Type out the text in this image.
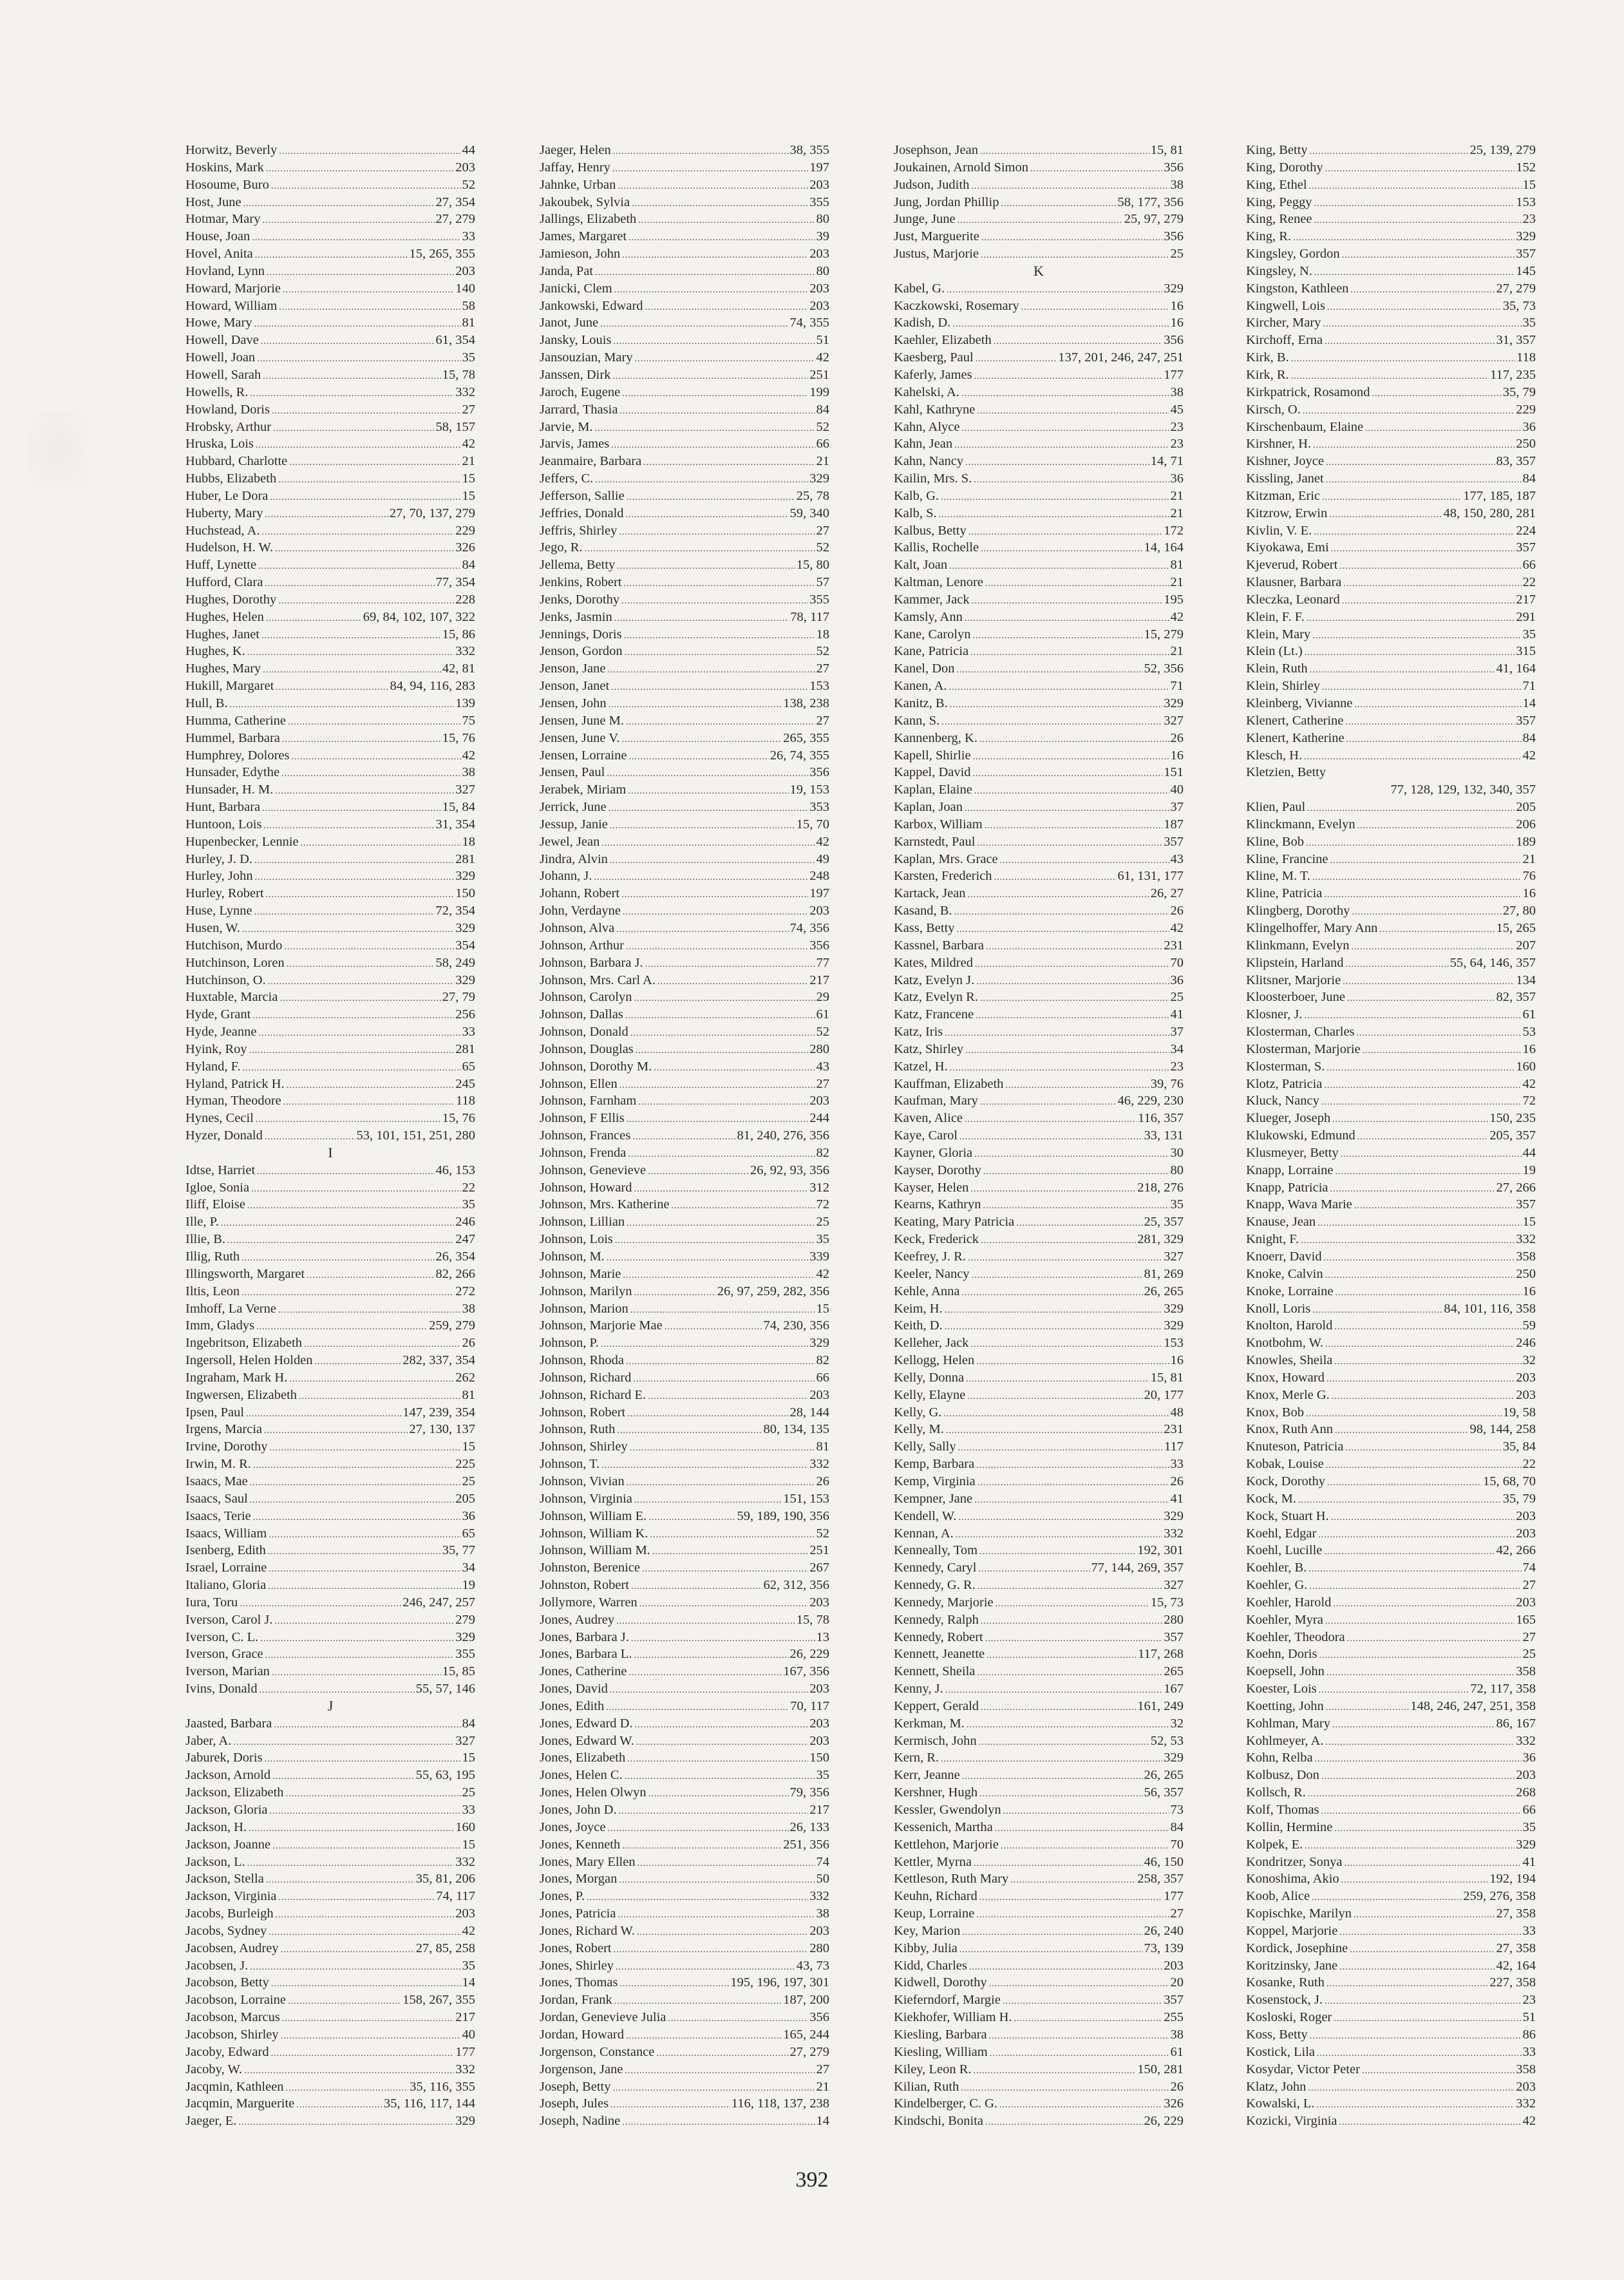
Horwitz, Beverly .....	44
Hoskins, Mark .....	203
Hosoume, Buro .....	52
Host, June .....	27, 354
Hotmar, Mary .....	27, 279
House, Joan .....	33
Hovel, Anita .....	15, 265, 355
Hovland, Lynn .....	203
Howard, Marjorie .....	140
Howard, William .....	58
Howe, Mary .....	81
Howell, Dave .....	61, 354
Howell, Joan .....	35
Howell, Sarah .....	15, 78
Howells, R. .....	332
Howland, Doris .....	27
Hrobsky, Arthur .....	58, 157
Hruska, Lois .....	42
Hubbard, Charlotte .....	21
Hubbs, Elizabeth .....	15
Huber, Le Dora .....	15
Huberty, Mary .....	27, 70, 137, 279
Huchstead, A. .....	229
Hudelson, H. W. .....	326
Huff, Lynette .....	84
Hufford, Clara .....	77, 354
Hughes, Dorothy .....	228
Hughes, Helen .....	69, 84, 102, 107, 322
Hughes, Janet .....	15, 86
Hughes, K. .....	332
Hughes, Mary .....	42, 81
Hukill, Margaret .....	84, 94, 116, 283
Hull, B. .....	139
Humma, Catherine .....	75
Hummel, Barbara .....	15, 76
Humphrey, Dolores .....	42
Hunsader, Edythe .....	38
Hunsader, H. M. .....	327
Hunt, Barbara .....	15, 84
Huntoon, Lois .....	31, 354
Hupenbecker, Lennie .....	18
Hurley, J. D. .....	281
Hurley, John .....	329
Hurley, Robert .....	150
Huse, Lynne .....	72, 354
Husen, W. .....	329
Hutchison, Murdo .....	354
Hutchinson, Loren .....	58, 249
Hutchinson, O. .....	329
Huxtable, Marcia .....	27, 79
Hyde, Grant .....	256
Hyde, Jeanne .....	33
Hyink, Roy .....	281
Hyland, F. .....	65
Hyland, Patrick H. .....	245
Hyman, Theodore .....	118
Hynes, Cecil .....	15, 76
Hyzer, Donald .....	53, 101, 151, 251, 280
I
Idtse, Harriet .....	46, 153
Igloe, Sonia .....	22
Iliff, Eloise .....	35
Ille, P. .....	246
Illie, B. .....	247
Illig, Ruth .....	26, 354
Illingsworth, Margaret .....	82, 266
Iltis, Leon .....	272
Imhoff, La Verne .....	38
Imm, Gladys .....	259, 279
Ingebritson, Elizabeth .....	26
Ingersoll, Helen Holden .....	282, 337, 354
Ingraham, Mark H. .....	262
Ingwersen, Elizabeth .....	81
Ipsen, Paul .....	147, 239, 354
Irgens, Marcia .....	27, 130, 137
Irvine, Dorothy .....	15
Irwin, M. R. .....	225
Isaacs, Mae .....	25
Isaacs, Saul .....	205
Isaacs, Terie .....	36
Isaacs, William .....	65
Isenberg, Edith .....	35, 77
Israel, Lorraine .....	34
Italiano, Gloria .....	19
Iura, Toru .....	246, 247, 257
Iverson, Carol J. .....	279
Iverson, C. L. .....	329
Iverson, Grace .....	355
Iverson, Marian .....	15, 85
Ivins, Donald .....	55, 57, 146
J
Jaasted, Barbara .....	84
Jaber, A. .....	327
Jaburek, Doris .....	15
Jackson, Arnold .....	55, 63, 195
Jackson, Elizabeth .....	25
Jackson, Gloria .....	33
Jackson, H. .....	160
Jackson, Joanne .....	15
Jackson, L. .....	332
Jackson, Stella .....	35, 81, 206
Jackson, Virginia .....	74, 117
Jacobs, Burleigh .....	203
Jacobs, Sydney .....	42
Jacobsen, Audrey .....	27, 85, 258
Jacobsen, J. .....	35
Jacobson, Betty .....	14
Jacobson, Lorraine .....	158, 267, 355
Jacobson, Marcus .....	217
Jacobson, Shirley .....	40
Jacoby, Edward .....	177
Jacoby, W. .....	332
Jacqmin, Kathleen .....	35, 116, 355
Jacqmin, Marguerite .....	35, 116, 117, 144
Jaeger, E. .....	329
Jaeger, Helen .....	38, 355
Jaffay, Henry .....	197
Jahnke, Urban .....	203
Jakoubek, Sylvia .....	355
Jallings, Elizabeth .....	80
James, Margaret .....	39
Jamieson, John .....	203
Janda, Pat .....	80
Janicki, Clem .....	203
Jankowski, Edward .....	203
Janot, June .....	74, 355
Jansky, Louis .....	51
Jansouzian, Mary .....	42
Janssen, Dirk .....	251
Jaroch, Eugene .....	199
Jarrard, Thasia .....	84
Jarvie, M. .....	52
Jarvis, James .....	66
Jeanmaire, Barbara .....	21
Jeffers, C. .....	329
Jefferson, Sallie .....	25, 78
Jeffries, Donald .....	59, 340
Jeffris, Shirley .....	27
Jego, R. .....	52
Jellema, Betty .....	15, 80
Jenkins, Robert .....	57
Jenks, Dorothy .....	355
Jenks, Jasmin .....	78, 117
Jennings, Doris .....	18
Jenson, Gordon .....	52
Jenson, Jane .....	27
Jenson, Janet .....	153
Jensen, John .....	138, 238
Jensen, June M. .....	27
Jensen, June V. .....	265, 355
Jensen, Lorraine .....	26, 74, 355
Jensen, Paul .....	356
Jerabek, Miriam .....	19, 153
Jerrick, June .....	353
Jessup, Janie .....	15, 70
Jewel, Jean .....	42
Jindra, Alvin .....	49
Johann, J. .....	248
Johann, Robert .....	197
John, Verdayne .....	203
Johnson, Alva .....	74, 356
Johnson, Arthur .....	356
Johnson, Barbara J. .....	77
Johnson, Mrs. Carl A. .....	217
Johnson, Carolyn .....	29
Johnson, Dallas .....	61
Johnson, Donald .....	52
Johnson, Douglas .....	280
Johnson, Dorothy M. .....	43
Johnson, Ellen .....	27
Johnson, Farnham .....	203
Johnson, F Ellis .....	244
Johnson, Frances .....	81, 240, 276, 356
Johnson, Frenda .....	82
Johnson, Genevieve .....	26, 92, 93, 356
Johnson, Howard .....	312
Johnson, Mrs. Katherine .....	72
Johnson, Lillian .....	25
Johnson, Lois .....	35
Johnson, M. .....	339
Johnson, Marie .....	42
Johnson, Marilyn .....	26, 97, 259, 282, 356
Johnson, Marion .....	15
Johnson, Marjorie Mae .....	74, 230, 356
Johnson, P. .....	329
Johnson, Rhoda .....	82
Johnson, Richard .....	66
Johnson, Richard E. .....	203
Johnson, Robert .....	28, 144
Johnson, Ruth .....	80, 134, 135
Johnson, Shirley .....	81
Johnson, T. .....	332
Johnson, Vivian .....	26
Johnson, Virginia .....	151, 153
Johnson, William E. .....	59, 189, 190, 356
Johnson, William K. .....	52
Johnson, William M. .....	251
Johnston, Berenice .....	267
Johnston, Robert .....	62, 312, 356
Jollymore, Warren .....	203
Jones, Audrey .....	15, 78
Jones, Barbara J. .....	13
Jones, Barbara L. .....	26, 229
Jones, Catherine .....	167, 356
Jones, David .....	203
Jones, Edith .....	70, 117
Jones, Edward D. .....	203
Jones, Edward W. .....	203
Jones, Elizabeth .....	150
Jones, Helen C. .....	35
Jones, Helen Olwyn .....	79, 356
Jones, John D. .....	217
Jones, Joyce .....	26, 133
Jones, Kenneth .....	251, 356
Jones, Mary Ellen .....	74
Jones, Morgan .....	50
Jones, P. .....	332
Jones, Patricia .....	38
Jones, Richard W. .....	203
Jones, Robert .....	280
Jones, Shirley .....	43, 73
Jones, Thomas .....	195, 196, 197, 301
Jordan, Frank .....	187, 200
Jordan, Genevieve Julia .....	356
Jordan, Howard .....	165, 244
Jorgenson, Constance .....	27, 279
Jorgenson, Jane .....	27
Joseph, Betty .....	21
Joseph, Jules .....	116, 118, 137, 238
Joseph, Nadine .....	14
Josephson, Jean .....	15, 81
Joukainen, Arnold Simon .....	356
Judson, Judith .....	38
Jung, Jordan Phillip .....	58, 177, 356
Junge, June .....	25, 97, 279
Just, Marguerite .....	356
Justus, Marjorie .....	25
K
Kabel, G. .....	329
Kaczkowski, Rosemary .....	16
Kadish, D. .....	16
Kaehler, Elizabeth .....	356
Kaesberg, Paul .....	137, 201, 246, 247, 251
Kaferly, James .....	177
Kahelski, A. .....	38
Kahl, Kathryne .....	45
Kahn, Alyce .....	23
Kahn, Jean .....	23
Kahn, Nancy .....	14, 71
Kailin, Mrs. S. .....	36
Kalb, G. .....	21
Kalb, S. .....	21
Kalbus, Betty .....	172
Kallis, Rochelle .....	14, 164
Kalt, Joan .....	81
Kaltman, Lenore .....	21
Kammer, Jack .....	195
Kamsly, Ann .....	42
Kane, Carolyn .....	15, 279
Kane, Patricia .....	21
Kanel, Don .....	52, 356
Kanen, A. .....	71
Kanitz, B. .....	329
Kann, S. .....	327
Kannenberg, K. .....	26
Kapell, Shirlie .....	16
Kappel, David .....	151
Kaplan, Elaine .....	40
Kaplan, Joan .....	37
Karbox, William .....	187
Karnstedt, Paul .....	357
Kaplan, Mrs. Grace .....	43
Karsten, Frederich .....	61, 131, 177
Kartack, Jean .....	26, 27
Kasand, B. .....	26
Kass, Betty .....	42
Kassnel, Barbara .....	231
Kates, Mildred .....	70
Katz, Evelyn J. .....	36
Katz, Evelyn R. .....	25
Katz, Francene .....	41
Katz, Iris .....	37
Katz, Shirley .....	34
Katzel, H. .....	23
Kauffman, Elizabeth .....	39, 76
Kaufman, Mary .....	46, 229, 230
Kaven, Alice .....	116, 357
Kaye, Carol .....	33, 131
Kayner, Gloria .....	30
Kayser, Dorothy .....	80
Kayser, Helen .....	218, 276
Kearns, Kathryn .....	35
Keating, Mary Patricia .....	25, 357
Keck, Frederick .....	281, 329
Keefrey, J. R. .....	327
Keeler, Nancy .....	81, 269
Kehle, Anna .....	26, 265
Keim, H. .....	329
Keith, D. .....	329
Kelleher, Jack .....	153
Kellogg, Helen .....	16
Kelly, Donna .....	15, 81
Kelly, Elayne .....	20, 177
Kelly, G. .....	48
Kelly, M. .....	231
Kelly, Sally .....	117
Kemp, Barbara .....	33
Kemp, Virginia .....	26
Kempner, Jane .....	41
Kendell, W. .....	329
Kennan, A. .....	332
Kenneally, Tom .....	192, 301
Kennedy, Caryl .....	77, 144, 269, 357
Kennedy, G. R. .....	327
Kennedy, Marjorie .....	15, 73
Kennedy, Ralph .....	280
Kennedy, Robert .....	357
Kennett, Jeanette .....	117, 268
Kennett, Sheila .....	265
Kenny, J. .....	167
Keppert, Gerald .....	161, 249
Kerkman, M. .....	32
Kermisch, John .....	52, 53
Kern, R. .....	329
Kerr, Jeanne .....	26, 265
Kershner, Hugh .....	56, 357
Kessler, Gwendolyn .....	73
Kessenich, Martha .....	84
Kettlehon, Marjorie .....	70
Kettler, Myrna .....	46, 150
Kettleson, Ruth Mary .....	258, 357
Keuhn, Richard .....	177
Keup, Lorraine .....	27
Key, Marion .....	26, 240
Kibby, Julia .....	73, 139
Kidd, Charles .....	203
Kidwell, Dorothy .....	20
Kieferndorf, Margie .....	357
Kiekhofer, William H. .....	255
Kiesling, Barbara .....	38
Kiesling, William .....	61
Kiley, Leon R. .....	150, 281
Kilian, Ruth .....	26
Kindelberger, C. G. .....	326
Kindschi, Bonita .....	26, 229
King, Betty .....	25, 139, 279
King, Dorothy .....	152
King, Ethel .....	15
King, Peggy .....	153
King, Renee .....	23
King, R. .....	329
Kingsley, Gordon .....	357
Kingsley, N. .....	145
Kingston, Kathleen .....	27, 279
Kingwell, Lois .....	35, 73
Kircher, Mary .....	35
Kirchoff, Erna .....	31, 357
Kirk, B. .....	118
Kirk, R. .....	117, 235
Kirkpatrick, Rosamond .....	35, 79
Kirsch, O. .....	229
Kirschenbaum, Elaine .....	36
Kirshner, H. .....	250
Kishner, Joyce .....	83, 357
Kissling, Janet .....	84
Kitzman, Eric .....	177, 185, 187
Kitzrow, Erwin .....	48, 150, 280, 281
Kivlin, V. E. .....	224
Kiyokawa, Emi .....	357
Kjeverud, Robert .....	66
Klausner, Barbara .....	22
Kleczka, Leonard .....	217
Klein, F. F. .....	291
Klein, Mary .....	35
Klein (Lt.) .....	315
Klein, Ruth .....	41, 164
Klein, Shirley .....	71
Kleinberg, Vivianne .....	14
Klenert, Catherine .....	357
Klenert, Katherine .....	84
Klesch, H. .....	42
Kletzien, Betty
77, 128, 129, 132, 340, 357
Klien, Paul .....	205
Klinckmann, Evelyn .....	206
Kline, Bob .....	189
Kline, Francine .....	21
Kline, M. T. .....	76
Kline, Patricia .....	16
Klingberg, Dorothy .....	27, 80
Klingelhoffer, Mary Ann .....	15, 265
Klinkmann, Evelyn .....	207
Klipstein, Harland .....	55, 64, 146, 357
Klitsner, Marjorie .....	134
Kloosterboer, June .....	82, 357
Klosner, J. .....	61
Klosterman, Charles .....	53
Klosterman, Marjorie .....	16
Klosterman, S. .....	160
Klotz, Patricia .....	42
Kluck, Nancy .....	72
Klueger, Joseph .....	150, 235
Klukowski, Edmund .....	205, 357
Klusmeyer, Betty .....	44
Knapp, Lorraine .....	19
Knapp, Patricia .....	27, 266
Knapp, Wava Marie .....	357
Knause, Jean .....	15
Knight, F. .....	332
Knoerr, David .....	358
Knoke, Calvin .....	250
Knoke, Lorraine .....	16
Knoll, Loris .....	84, 101, 116, 358
Knolton, Harold .....	59
Knotbohm, W. .....	246
Knowles, Sheila .....	32
Knox, Howard .....	203
Knox, Merle G. .....	203
Knox, Bob .....	19, 58
Knox, Ruth Ann .....	98, 144, 258
Knuteson, Patricia .....	35, 84
Kobak, Louise .....	22
Kock, Dorothy .....	15, 68, 70
Kock, M. .....	35, 79
Kock, Stuart H. .....	203
Koehl, Edgar .....	203
Koehl, Lucille .....	42, 266
Koehler, B. .....	74
Koehler, G. .....	27
Koehler, Harold .....	203
Koehler, Myra .....	165
Koehler, Theodora .....	27
Koehn, Doris .....	25
Koepsell, John .....	358
Koester, Lois .....	72, 117, 358
Koetting, John .....	148, 246, 247, 251, 358
Kohlman, Mary .....	86, 167
Kohlmeyer, A. .....	332
Kohn, Relba .....	36
Kolbusz, Don .....	203
Kollsch, R. .....	268
Kolf, Thomas .....	66
Kollin, Hermine .....	35
Kolpek, E. .....	329
Kondritzer, Sonya .....	41
Konoshima, Akio .....	192, 194
Koob, Alice .....	259, 276, 358
Kopischke, Marilyn .....	27, 358
Koppel, Marjorie .....	33
Kordick, Josephine .....	27, 358
Koritzinsky, Jane .....	42, 164
Kosanke, Ruth .....	227, 358
Kosenstock, J. .....	23
Kosloski, Roger .....	51
Koss, Betty .....	86
Kostick, Lila .....	33
Kosydar, Victor Peter .....	358
Klatz, John .....	203
Kowalski, L. .....	332
Kozicki, Virginia .....	42
392
